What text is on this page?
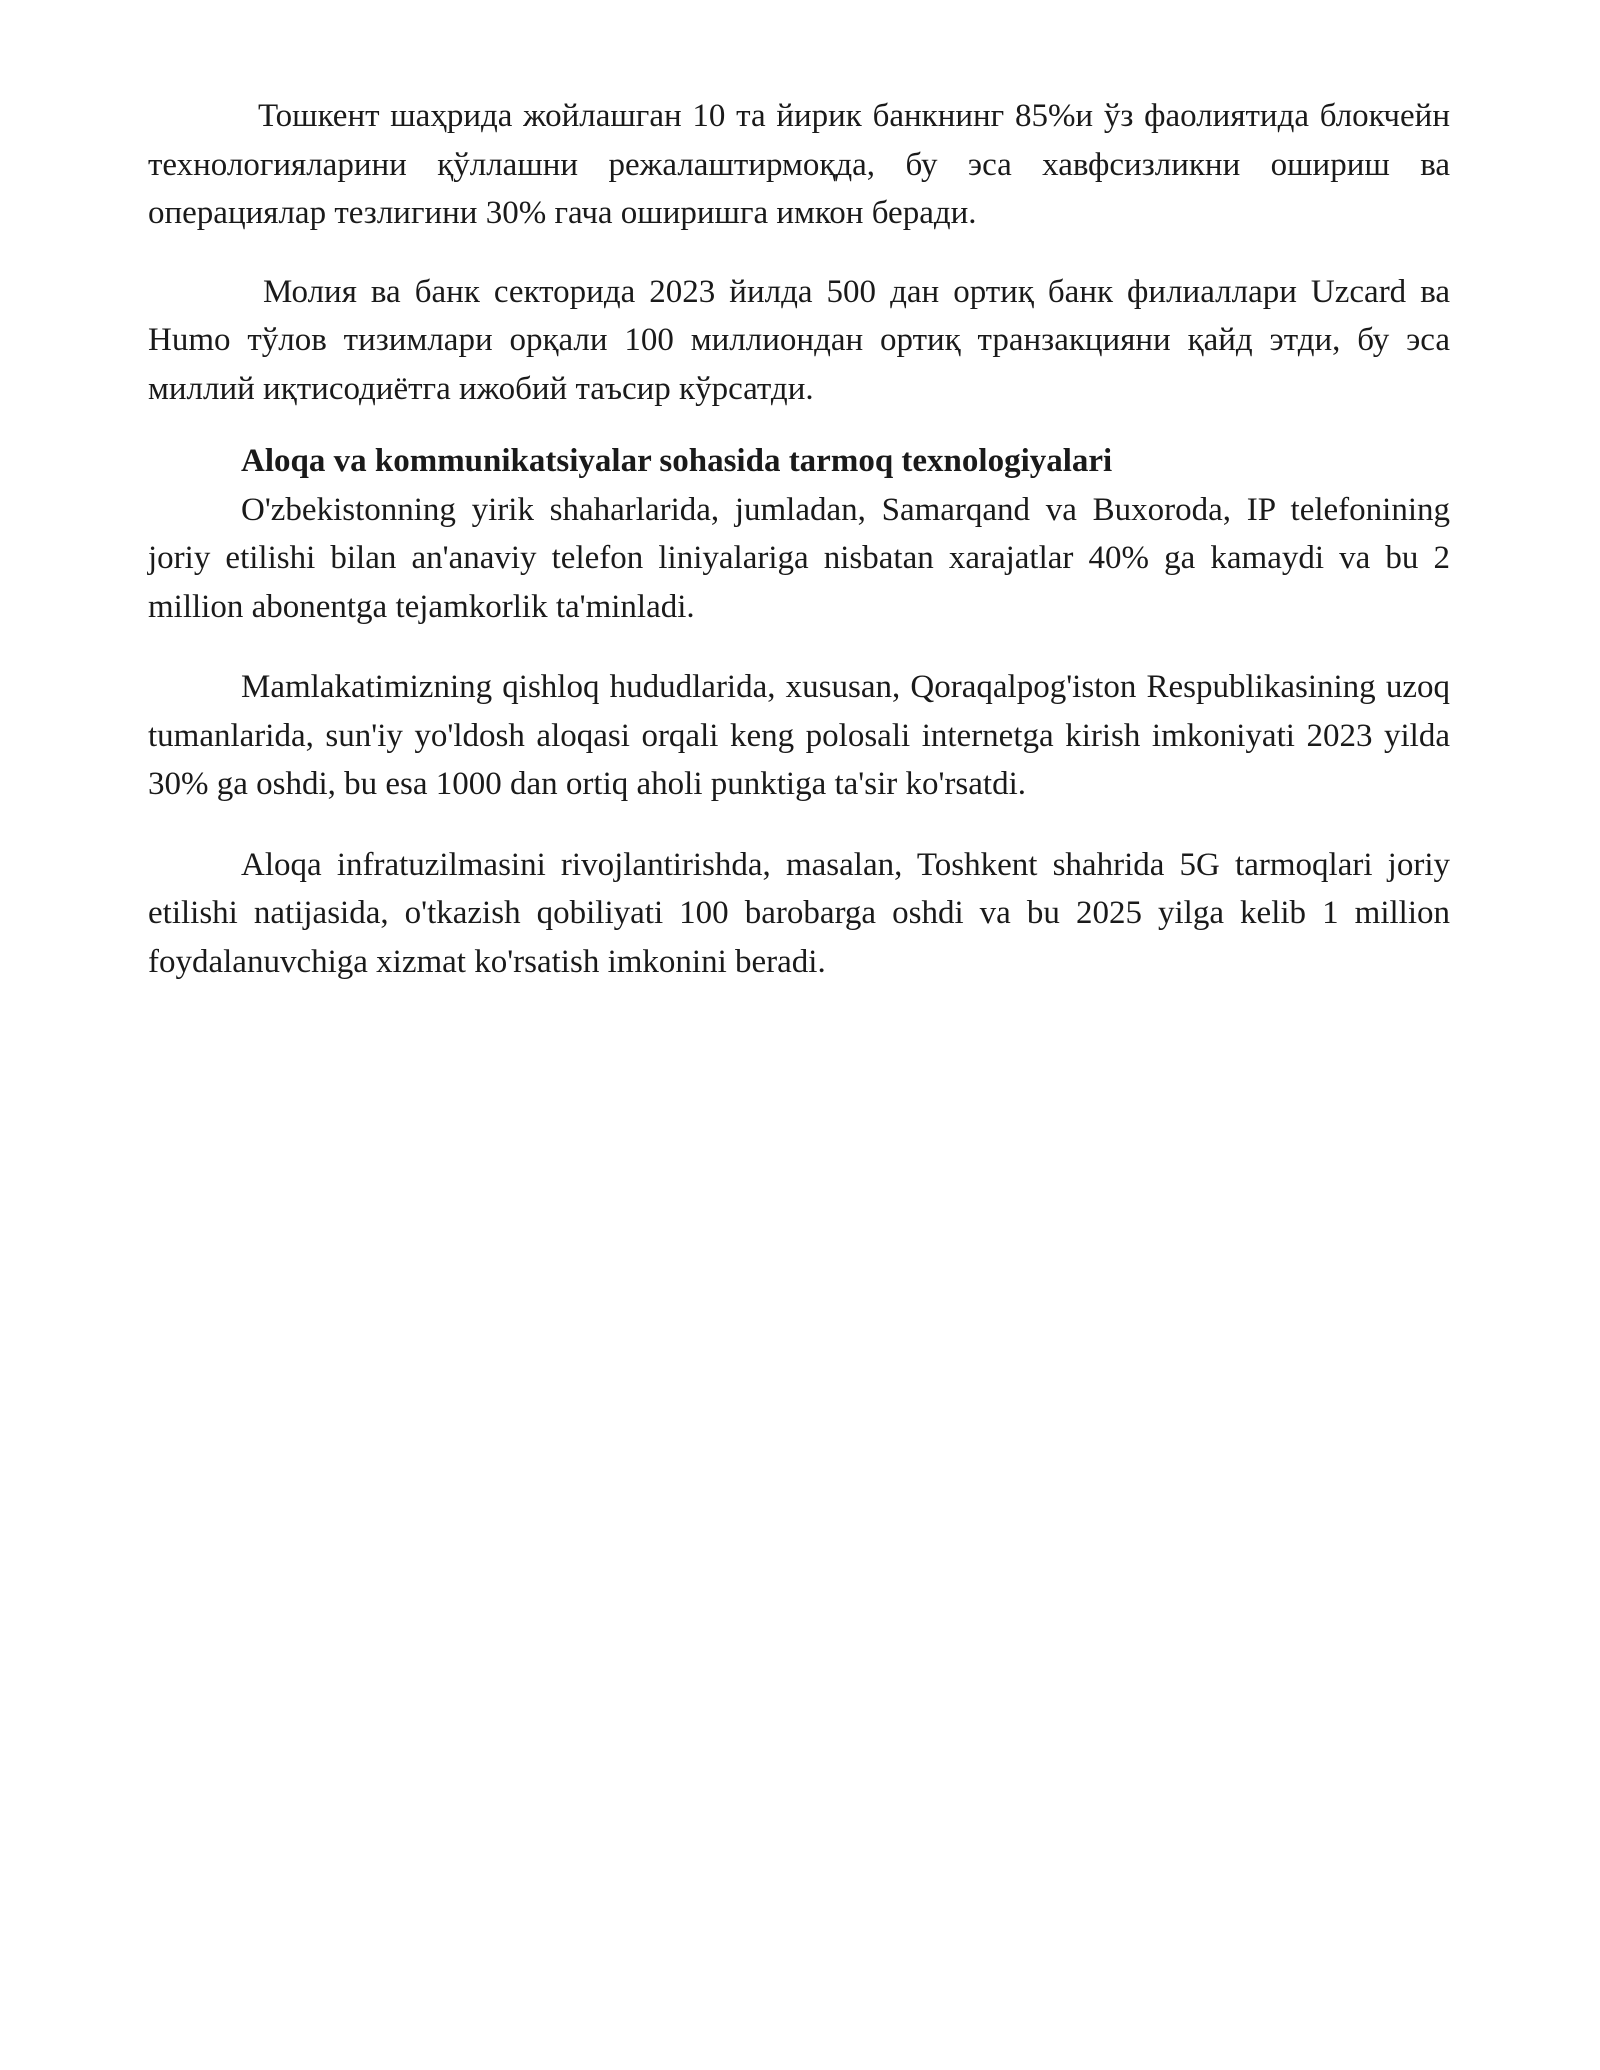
Тошкент шаҳрида жойлашган 10 та йирик банкнинг 85%и ўз фаолиятида блокчейн технологияларини қўллашни режалаштирмоқда, бу эса хавфсизликни ошириш ва операциялар тезлигини 30% гача оширишга имкон беради.

Молия ва банк секторида 2023 йилда 500 дан ортиқ банк филиаллари Uzcard ва Humo тўлов тизимлари орқали 100 миллиондан ортиқ транзакцияни қайд этди, бу эса миллий иқтисодиётга ижобий таъсир кўрсатди.

Aloqa va kommunikatsiyalar sohasida tarmoq texnologiyalari

O'zbekistonning yirik shaharlarida, jumladan, Samarqand va Buxoroda, IP telefonining joriy etilishi bilan an'anaviy telefon liniyalariga nisbatan xarajatlar 40% ga kamaydi va bu 2 million abonentga tejamkorlik ta'minladi.

Mamlakatimizning qishloq hududlarida, xususan, Qoraqalpog'iston Respublikasining uzoq tumanlarida, sun'iy yo'ldosh aloqasi orqali keng polosali internetga kirish imkoniyati 2023 yilda 30% ga oshdi, bu esa 1000 dan ortiq aholi punktiga ta'sir ko'rsatdi.

Aloqa infratuzilmasini rivojlantirishda, masalan, Toshkent shahrida 5G tarmoqlari joriy etilishi natijasida, o'tkazish qobiliyati 100 barobarga oshdi va bu 2025 yilga kelib 1 million foydalanuvchiga xizmat ko'rsatish imkonini beradi.
